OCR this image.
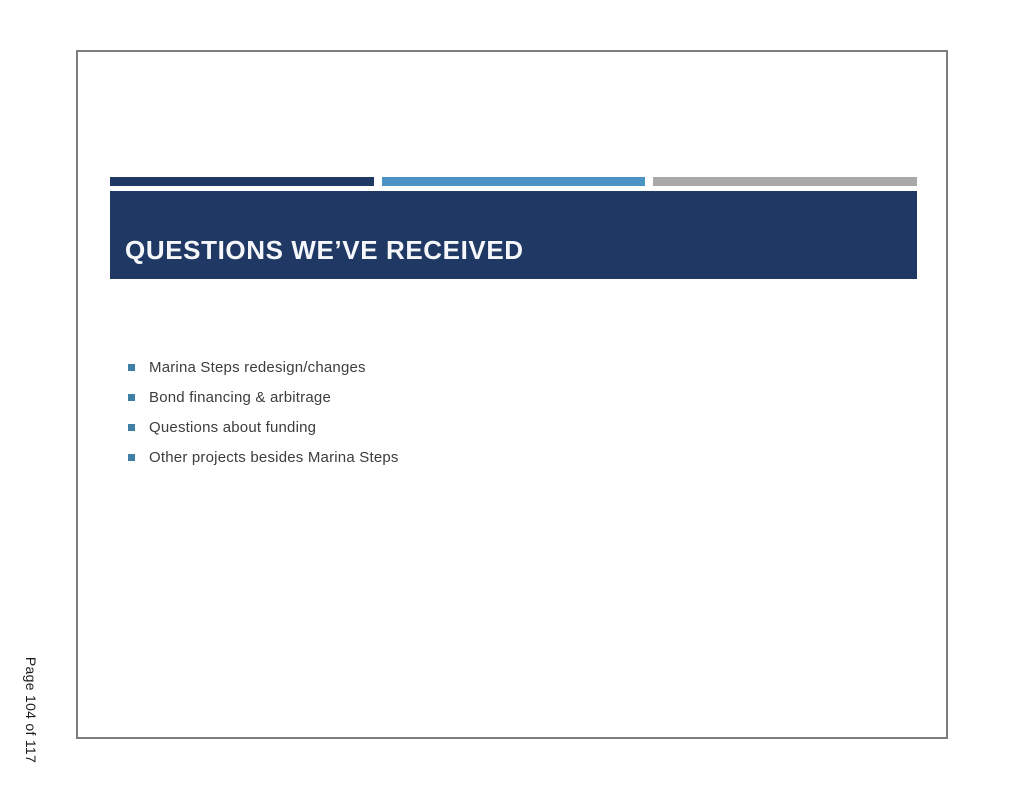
Page 104 of 117
QUESTIONS WE’VE RECEIVED
Marina Steps redesign/changes
Bond financing & arbitrage
Questions about funding
Other projects besides Marina Steps
